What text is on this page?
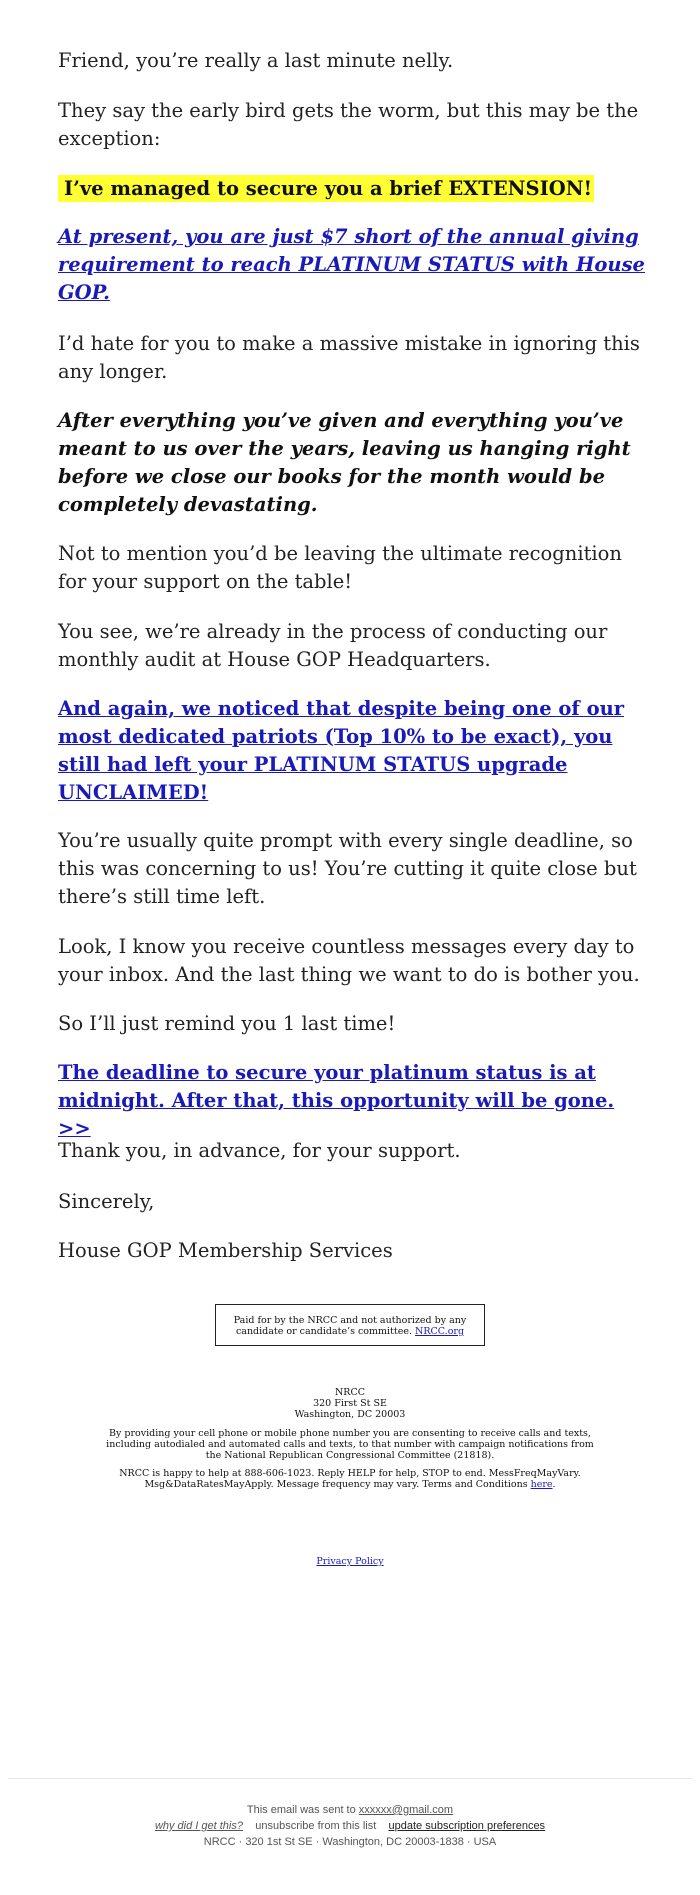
Friend, you’re really a last minute nelly.

They say the early bird gets the worm, but this may be the exception:

I’ve managed to secure you a brief EXTENSION!

At present, you are just $7 short of the annual giving requirement to reach PLATINUM STATUS with House GOP.

I’d hate for you to make a massive mistake in ignoring this any longer.

After everything you’ve given and everything you’ve meant to us over the years, leaving us hanging right before we close our books for the month would be completely devastating.

Not to mention you’d be leaving the ultimate recognition for your support on the table!

You see, we’re already in the process of conducting our monthly audit at House GOP Headquarters.

And again, we noticed that despite being one of our most dedicated patriots (Top 10% to be exact), you still had left your PLATINUM STATUS upgrade UNCLAIMED!

You’re usually quite prompt with every single deadline, so this was concerning to us! You’re cutting it quite close but there’s still time left.

Look, I know you receive countless messages every day to your inbox. And the last thing we want to do is bother you.

So I’ll just remind you 1 last time!

The deadline to secure your platinum status is at midnight. After that, this opportunity will be gone. >>

Thank you, in advance, for your support.

Sincerely,

House GOP Membership Services

Paid for by the NRCC and not authorized by any candidate or candidate’s committee. NRCC.org
NRCC
320 First St SE
Washington, DC 20003
By providing your cell phone or mobile phone number you are consenting to receive calls and texts, including autodialed and automated calls and texts, to that number with campaign notifications from the National Republican Congressional Committee (21818).
NRCC is happy to help at 888-606-1023. Reply HELP for help, STOP to end. MessFreqMayVary. Msg&DataRatesMayApply. Message frequency may vary. Terms and Conditions here.
Privacy Policy
This email was sent to xxxxxx@gmail.com
why did I get this? unsubscribe from this list update subscription preferences
NRCC · 320 1st St SE · Washington, DC 20003-1838 · USA
